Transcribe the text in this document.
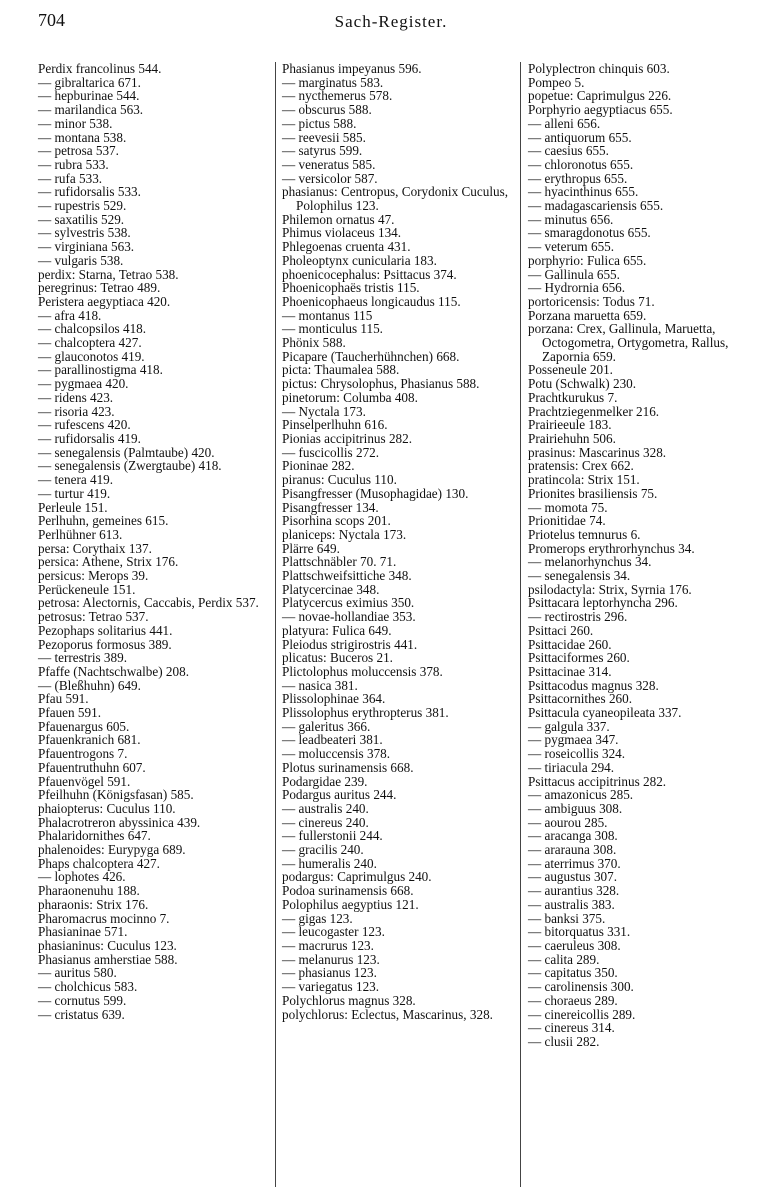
704	Sach-Register.
Perdix francolinus 544.
— gibraltarica 671.
— hepburinae 544.
— marilandica 563.
— minor 538.
— montana 538.
— petrosa 537.
— rubra 533.
— rufa 533.
— rufidorsalis 533.
— rupestris 529.
— saxatilis 529.
— sylvestris 538.
— virginiana 563.
— vulgaris 538.
perdix: Starna, Tetrao 538.
peregrinus: Tetrao 489.
Peristera aegyptiaca 420.
— afra 418.
— chalcopsilos 418.
— chalcoptera 427.
— glauconotos 419.
— parallinostigma 418.
— pygmaea 420.
— ridens 423.
— risoria 423.
— rufescens 420.
— rufidorsalis 419.
— senegalensis (Palmtaube) 420.
— senegalensis (Zwergtaube) 418.
— tenera 419.
— turtur 419.
Perleule 151.
Perlhuhn, gemeines 615.
Perlhühner 613.
persa: Corythaix 137.
persica: Athene, Strix 176.
persicus: Merops 39.
Perückeneule 151.
petrosa: Alectornis, Caccabis, Perdix 537.
petrosus: Tetrao 537.
Pezophaps solitarius 441.
Pezoporus formosus 389.
— terrestris 389.
Pfaffe (Nachtschwalbe) 208.
— (Bleßhuhn) 649.
Pfau 591.
Pfauen 591.
Pfauenargus 605.
Pfauenkranich 681.
Pfauentrogons 7.
Pfauentruthuhn 607.
Pfauenvögel 591.
Pfeilhuhn (Königsfasan) 585.
phaiopterus: Cuculus 110.
Phalacrotreron abyssinica 439.
Phalaridornithes 647.
phalenoides: Eurypyga 689.
Phaps chalcoptera 427.
— lophotes 426.
Pharaonenuhu 188.
pharaonis: Strix 176.
Pharomacrus mocinno 7.
Phasianinae 571.
phasianinus: Cuculus 123.
Phasianus amherstiae 588.
— auritus 580.
— cholchicus 583.
— cornutus 599.
— cristatus 639.
Phasianus impeyanus 596.
— marginatus 583.
— nycthemerus 578.
— obscurus 588.
— pictus 588.
— reevesii 585.
— satyrus 599.
— veneratus 585.
— versicolor 587.
phasianus: Centropus, Corydonix Cuculus, Polophilus 123.
Philemon ornatus 47.
Phimus violaceus 134.
Phlegoenas cruenta 431.
Pholeoptynx cunicularia 183.
phoenicocephalus: Psittacus 374.
Phoenicophaës tristis 115.
Phoenicophaeus longicaudus 115.
— montanus 115
— monticulus 115.
Phönix 588.
Picapare (Taucherhühnchen) 668.
picta: Thaumalea 588.
pictus: Chrysolophus, Phasianus 588.
pinetorum: Columba 408.
— Nyctala 173.
Pinselperlhuhn 616.
Pionias accipitrinus 282.
— fuscicollis 272.
Pioninae 282.
piranus: Cuculus 110.
Pisangfresser (Musophagidae) 130.
Pisangfresser 134.
Pisorhina scops 201.
planiceps: Nyctala 173.
Plärre 649.
Plattschnäbler 70. 71.
Plattschweifsittiche 348.
Platycercinae 348.
Platycercus eximius 350.
— novae-hollandiae 353.
platyura: Fulica 649.
Pleiodus strigirostris 441.
plicatus: Buceros 21.
Plictolophus moluccensis 378.
— nasica 381.
Plissolophinae 364.
Plissolophus erythropterus 381.
— galeritus 366.
— leadbeateri 381.
— moluccensis 378.
Plotus surinamensis 668.
Podargidae 239.
Podargus auritus 244.
— australis 240.
— cinereus 240.
— fullerstonii 244.
— gracilis 240.
— humeralis 240.
podargus: Caprimulgus 240.
Podoa surinamensis 668.
Polophilus aegyptius 121.
— gigas 123.
— leucogaster 123.
— macrurus 123.
— melanurus 123.
— phasianus 123.
— variegatus 123.
Polychlorus magnus 328.
polychlorus: Eclectus, Mascarinus, 328.
Polyplectron chinquis 603.
Pompeo 5.
popetue: Caprimulgus 226.
Porphyrio aegyptiacus 655.
— alleni 656.
— antiquorum 655.
— caesius 655.
— chloronotus 655.
— erythropus 655.
— hyacinthinus 655.
— madagascariensis 655.
— minutus 656.
— smaragdonotus 655.
— veterum 655.
porphyrio: Fulica 655.
— Gallinula 655.
— Hydrornia 656.
portoricensis: Todus 71.
Porzana maruetta 659.
porzana: Crex, Gallinula, Maruetta, Octogometra, Ortygometra, Rallus, Zapornia 659.
Possenеule 201.
Potu (Schwalk) 230.
Prachtkurukus 7.
Prachtziegenmelker 216.
Prairieeule 183.
Prairiehuhn 506.
prasinus: Mascarinus 328.
pratensis: Crex 662.
pratincola: Strix 151.
Prionites brasiliensis 75.
— momota 75.
Prionitidae 74.
Priotelus temnurus 6.
Promerops erythrorhynchus 34.
— melanorhynchus 34.
— senegalensis 34.
psilodactyla: Strix, Syrnia 176.
Psittacara leptorhyncha 296.
— rectirostris 296.
Psittaci 260.
Psittacidae 260.
Psittaciformes 260.
Psittacinae 314.
Psittacodus magnus 328.
Psittacornithes 260.
Psittacula cyaneopileata 337.
— galgula 337.
— pygmaea 347.
— roseicollis 324.
— tiriacula 294.
Psittacus accipitrinus 282.
— amazonicus 285.
— ambiguus 308.
— aourou 285.
— aracanga 308.
— ararauna 308.
— aterrimus 370.
— augustus 307.
— aurantius 328.
— australis 383.
— banksi 375.
— bitorquatus 331.
— caeruleus 308.
— calita 289.
— capitatus 350.
— carolinensis 300.
— choraeus 289.
— cinereicollis 289.
— cinereus 314.
— clusii 282.
